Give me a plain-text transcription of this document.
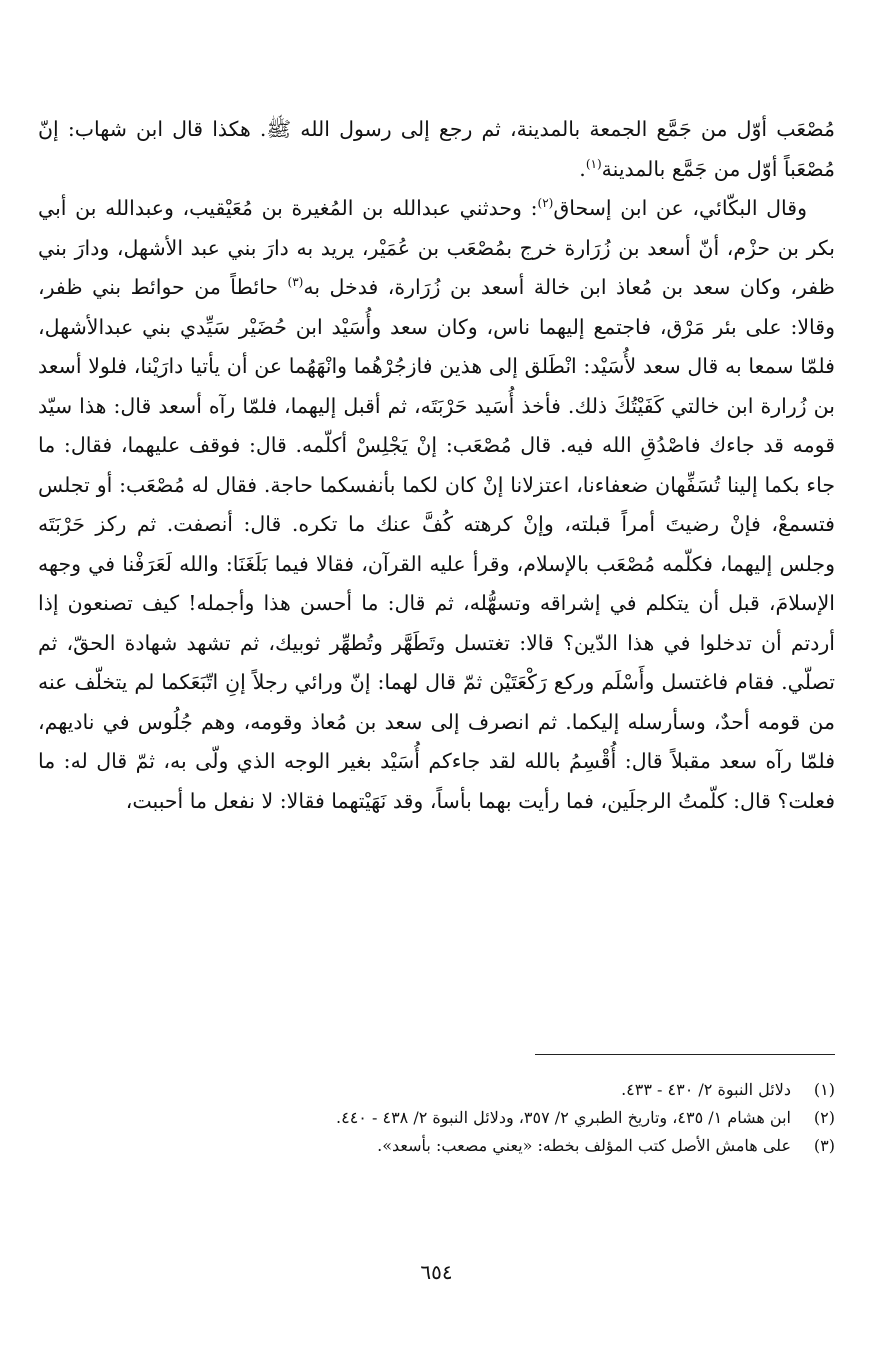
مُصْعَب أوّل من جَمَّع الجمعة بالمدينة، ثم رجع إلى رسول الله ﷺ. هكذا قال ابن شهاب: إنّ مُصْعَباً أوّل من جَمَّع بالمدينة$^{(١)}$.

وقال البكّائي، عن ابن إسحاق$^{(٢)}$: وحدثني عبدالله بن المُغيرة بن مُعَيْقيب، وعبدالله بن أبي بكر بن حزْم، أنّ أسعد بن زُرَارة خرج بمُصْعَب بن عُمَيْر، يريد به دارَ بني عبد الأشهل، ودارَ بني ظفر، وكان سعد بن مُعاذ ابن خالة أسعد بن زُرَارة، فدخل به$^{(٣)}$ حائطاً من حوائط بني ظفر، وقالا: على بئر مَرْق، فاجتمع إليهما ناس، وكان سعد وأُسَيْد ابن حُضَيْر سَيِّدي بني عبدالأشهل، فلمّا سمعا به قال سعد لأُسَيْد: انْطَلق إلى هذين فازجُرْهُما وانْهَهُما عن أن يأتيا دارَيْنا، فلولا أسعد بن زُرارة ابن خالتي كَفَيْتُكَ ذلك. فأخذ أُسَيد حَرْبَتَه، ثم أقبل إليهما، فلمّا رآه أسعد قال: هذا سيّد قومه قد جاءك فاصْدُقِ الله فيه. قال مُصْعَب: إنْ يَجْلِسْ أكلّمه. قال: فوقف عليهما، فقال: ما جاء بكما إلينا تُسَفِّهان ضعفاءنا، اعتزلانا إنْ كان لكما بأنفسكما حاجة. فقال له مُصْعَب: أو تجلس فتسمعْ، فإنْ رضيتَ أمراً قبلته، وإنْ كرهته كُفَّ عنك ما تكره. قال: أنصفت. ثم ركز حَرْبَتَه وجلس إليهما، فكلّمه مُصْعَب بالإسلام، وقرأ عليه القرآن، فقالا فيما بَلَغَنَا: والله لَعَرَفْنا في وجهه الإسلامَ، قبل أن يتكلم في إشراقه وتسهُّله، ثم قال: ما أحسن هذا وأجمله! كيف تصنعون إذا أردتم أن تدخلوا في هذا الدّين؟ قالا: تغتسل وتَطَهَّر وتُطهِّر ثوبيك، ثم تشهد شهادة الحقّ، ثم تصلّي. فقام فاغتسل وأَسْلَم وركع رَكْعَتَيْن ثمّ قال لهما: إنّ ورائي رجلاً إنِ اتّبَعَكما لم يتخلّف عنه من قومه أحدٌ، وسأرسله إليكما. ثم انصرف إلى سعد بن مُعاذ وقومه، وهم جُلُوس في ناديهم، فلمّا رآه سعد مقبلاً قال: أُقْسِمُ بالله لقد جاءكم أُسَيْد بغير الوجه الذي ولّى به، ثمّ قال له: ما فعلت؟ قال: كلّمتُ الرجلَين، فما رأيت بهما بأساً، وقد نَهَيْتهما فقالا: لا نفعل ما أحببت،

(١)
دلائل النبوة ٢/ ٤٣٠ - ٤٣٣.

(٢)
ابن هشام ١/ ٤٣٥، وتاريخ الطبري ٢/ ٣٥٧، ودلائل النبوة ٢/ ٤٣٨ - ٤٤٠.

(٣)
على هامش الأصل كتب المؤلف بخطه: «يعني مصعب: بأسعد».

٦٥٤
